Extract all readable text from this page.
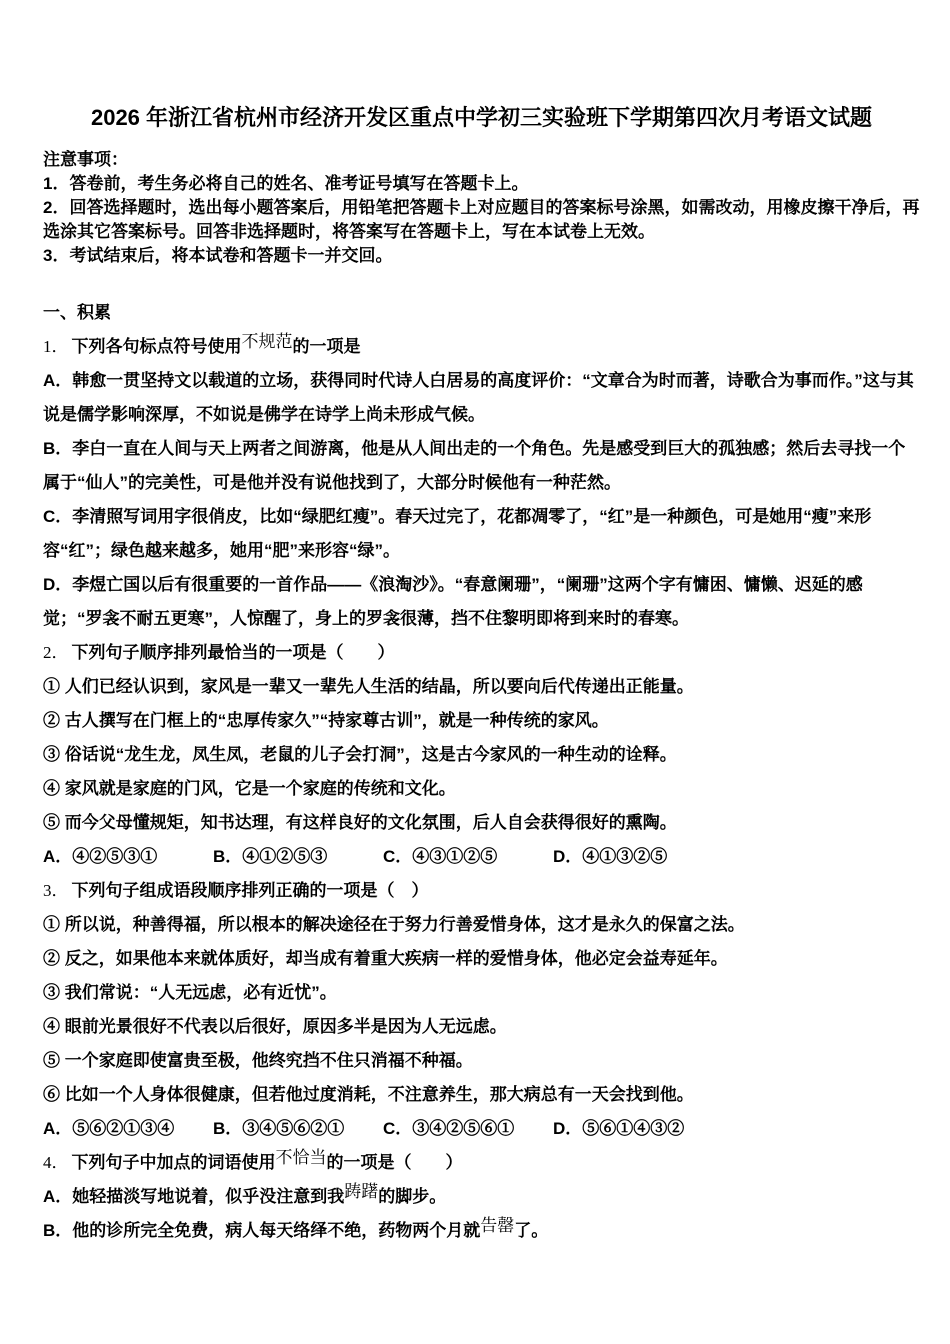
2026 年浙江省杭州市经济开发区重点中学初三实验班下学期第四次月考语文试题

注意事项：

1．答卷前，考生务必将自己的姓名、准考证号填写在答题卡上。

2．回答选择题时，选出每小题答案后，用铅笔把答题卡上对应题目的答案标号涂黑，如需改动，用橡皮擦干净后，再选涂其它答案标号。回答非选择题时，将答案写在答题卡上，写在本试卷上无效。

3．考试结束后，将本试卷和答题卡一并交回。

一、积累

1． 下列各句标点符号使用不规范的一项是

A．韩愈一贯坚持文以载道的立场，获得同时代诗人白居易的高度评价：“文章合为时而著，诗歌合为事而作。”这与其说是儒学影响深厚，不如说是佛学在诗学上尚未形成气候。

B．李白一直在人间与天上两者之间游离，他是从人间出走的一个角色。先是感受到巨大的孤独感；然后去寻找一个属于“仙人”的完美性，可是他并没有说他找到了，大部分时候他有一种茫然。

C．李清照写词用字很俏皮，比如“绿肥红瘦”。春天过完了，花都凋零了，“红”是一种颜色，可是她用“瘦”来形容“红”；绿色越来越多，她用“肥”来形容“绿”。

D．李煜亡国以后有很重要的一首作品——《浪淘沙》。“春意阑珊”，“阑珊”这两个字有慵困、慵懒、迟延的感觉；“罗衾不耐五更寒”，人惊醒了，身上的罗衾很薄，挡不住黎明即将到来时的春寒。

2． 下列句子顺序排列最恰当的一项是（　　）

① 人们已经认识到，家风是一辈又一辈先人生活的结晶，所以要向后代传递出正能量。

② 古人撰写在门框上的“忠厚传家久”“持家尊古训”，就是一种传统的家风。

③ 俗话说“龙生龙，凤生凤，老鼠的儿子会打洞”，这是古今家风的一种生动的诠释。

④ 家风就是家庭的门风，它是一个家庭的传统和文化。

⑤ 而今父母懂规矩，知书达理，有这样良好的文化氛围，后人自会获得很好的熏陶。

A．④②⑤③①	B．④①②⑤③	C．④③①②⑤	D．④①③②⑤

3． 下列句子组成语段顺序排列正确的一项是（　）

① 所以说，种善得福，所以根本的解决途径在于努力行善爱惜身体，这才是永久的保富之法。

② 反之，如果他本来就体质好，却当成有着重大疾病一样的爱惜身体，他必定会益寿延年。

③ 我们常说：“人无远虑，必有近忧”。

④ 眼前光景很好不代表以后很好，原因多半是因为人无远虑。

⑤ 一个家庭即使富贵至极，他终究挡不住只消福不种福。

⑥ 比如一个人身体很健康，但若他过度消耗，不注意养生，那大病总有一天会找到他。

A．⑤⑥②①③④ B．③④⑤⑥②① C．③④②⑤⑥① D．⑤⑥①④③②

4． 下列句子中加点的词语使用不恰当的一项是（　　）

A．她轻描淡写地说着，似乎没注意到我踌躇的脚步。

B．他的诊所完全免费，病人每天络绎不绝，药物两个月就告罄了。
